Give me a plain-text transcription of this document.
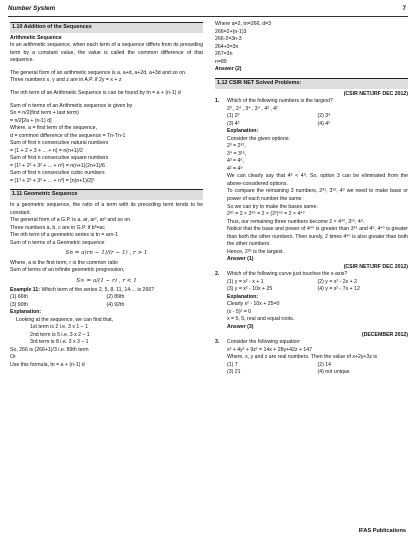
Number System	7
1.10 Addition of the Sequences
Arithmetic Sequence
In an arithmetic sequence, when each term of a sequence differs from its preceding term by a constant value, the value is called the common difference of that sequence.
The general form of an arithmetic sequence is a, a+d, a+2d, a+3d and so on.
Three numbers x, y and z are in A.P. if 2y = x + z
The nth term of an Arithmetic Sequence is can be found by tn = a + (n-1) d
Sum of n terms of an Arithmetic sequence is given by
Sn = n/2(first term + last term)
= n/2[2a + (n-1) d]
Where, a = first term of the sequence,
d = common difference of the sequence = Tn-Tn-1
Sum of first n consecutive natural numbers
= (1 + 2 + 3 + ... + n) = n(n+1)/2
Sum of first n consecutive square numbers
= (1² + 2² + 3² + ... + n²) = n(n+1)(2n+1)/6
Sum of first n consecutive cubic numbers
= (1³ + 2³ + 3³ + ... + n³) = [n(n+1)/2]²
1.11 Geometric Sequence
In a geometric sequence, the ratio of a term with its preceding term tends to be constant.
The general form of a G.P. is a, ar, ar², ar³ and so on.
Three numbers a, b, c are in G.P. if b²=ac
The nth term of a geometric series is tn = arn-1
Sum of n terms of a Geometric sequence
Sn = a(rn − 1)/(r − 1) , r > 1
Where, a is the first term, r is the common ratio
Sum of terms of an infinite geometric progression,
S∞ = a/(1 − r) , r < 1
Example 11: Which term of the series 2, 5, 8, 11, 14.... is 266?
(1) 66th	(2) 89th
(3) 90th	(4) 92th
Explanation:
Looking at the sequence, we can find that,
1st term is 2 i.e. 3 x 1 – 1
2nd term is 5 i.e. 3 x 2 – 1
3rd term is 8 i.e. 3 x 3 – 1
So, 266 is (266+1)/3 i.e. 89th term
Or
Use this formula, tn = a + (n-1) d
Where a=2, tn=266, d=3
266=2+(n-1)3
266-2=3n-3
264+3=3n
267=3n
n=89
Answer (2)
1.12 CSIR NET Solved Problems:
(CSIR NET/JRF DEC 2012)
1.	Which of the following numbers is the largest?
2³ , 2⁴ , 3⁴ , 3⁴ , 4³ , 4²
(1) 2³	(2) 3⁴
(3) 4³	(4) 4²
Explanation:
Consider the given options:
2³ = 2⁸¹,
3⁴ = 3¹⁶,
4³ = 4⁶,
4² = 4⁹
We can clearly say that 4⁶ < 4⁹. So, option 3 can be eliminated from the above-considered options.
To compare the remaining 3 numbers, 2⁸¹, 3¹⁶, 4⁹ we need to make base or power of each number the same.
So we can try to make the bases same.
2⁸¹ = 2 × 2⁸⁰ = 2 × (2²)⁴⁰ = 2 × 4⁴⁰
Thus, our remaining three numbers become 2 × 4⁴⁰, 3¹⁶, 4⁹.
Notice that the base and power of 4⁴⁰ is greater than 3¹⁶ and 4⁹, 4⁴⁰ is greater than both the other numbers. Then surely, 2 times 4⁴⁰ is also greater than both the other numbers.
Hence, 2⁸¹ is the largest.
Answer (1)
(CSIR NET/JRF DEC 2012)
2.	Which of the following curve just touches the x-axis?
(1) y = x² - x + 1	(2) y = x² - 2x + 2
(3) y = x² - 10x + 25	(4) y = x² - 7x + 12
Explanation:
Clearly x² - 10x + 25=0
(x - 5)² = 0
x = 5, 5, real and equal roots.
Answer (3)
(DECEMBER 2012)
3.	Consider the following equation:
x² + 4y² + 9z² = 14x + 28y+42z + 147
Where, x, y and z are real numbers. Then the value of x+2y+3z is
(1) 7	(2) 14
(3) 21	(4) not unique
IFAS Publications
